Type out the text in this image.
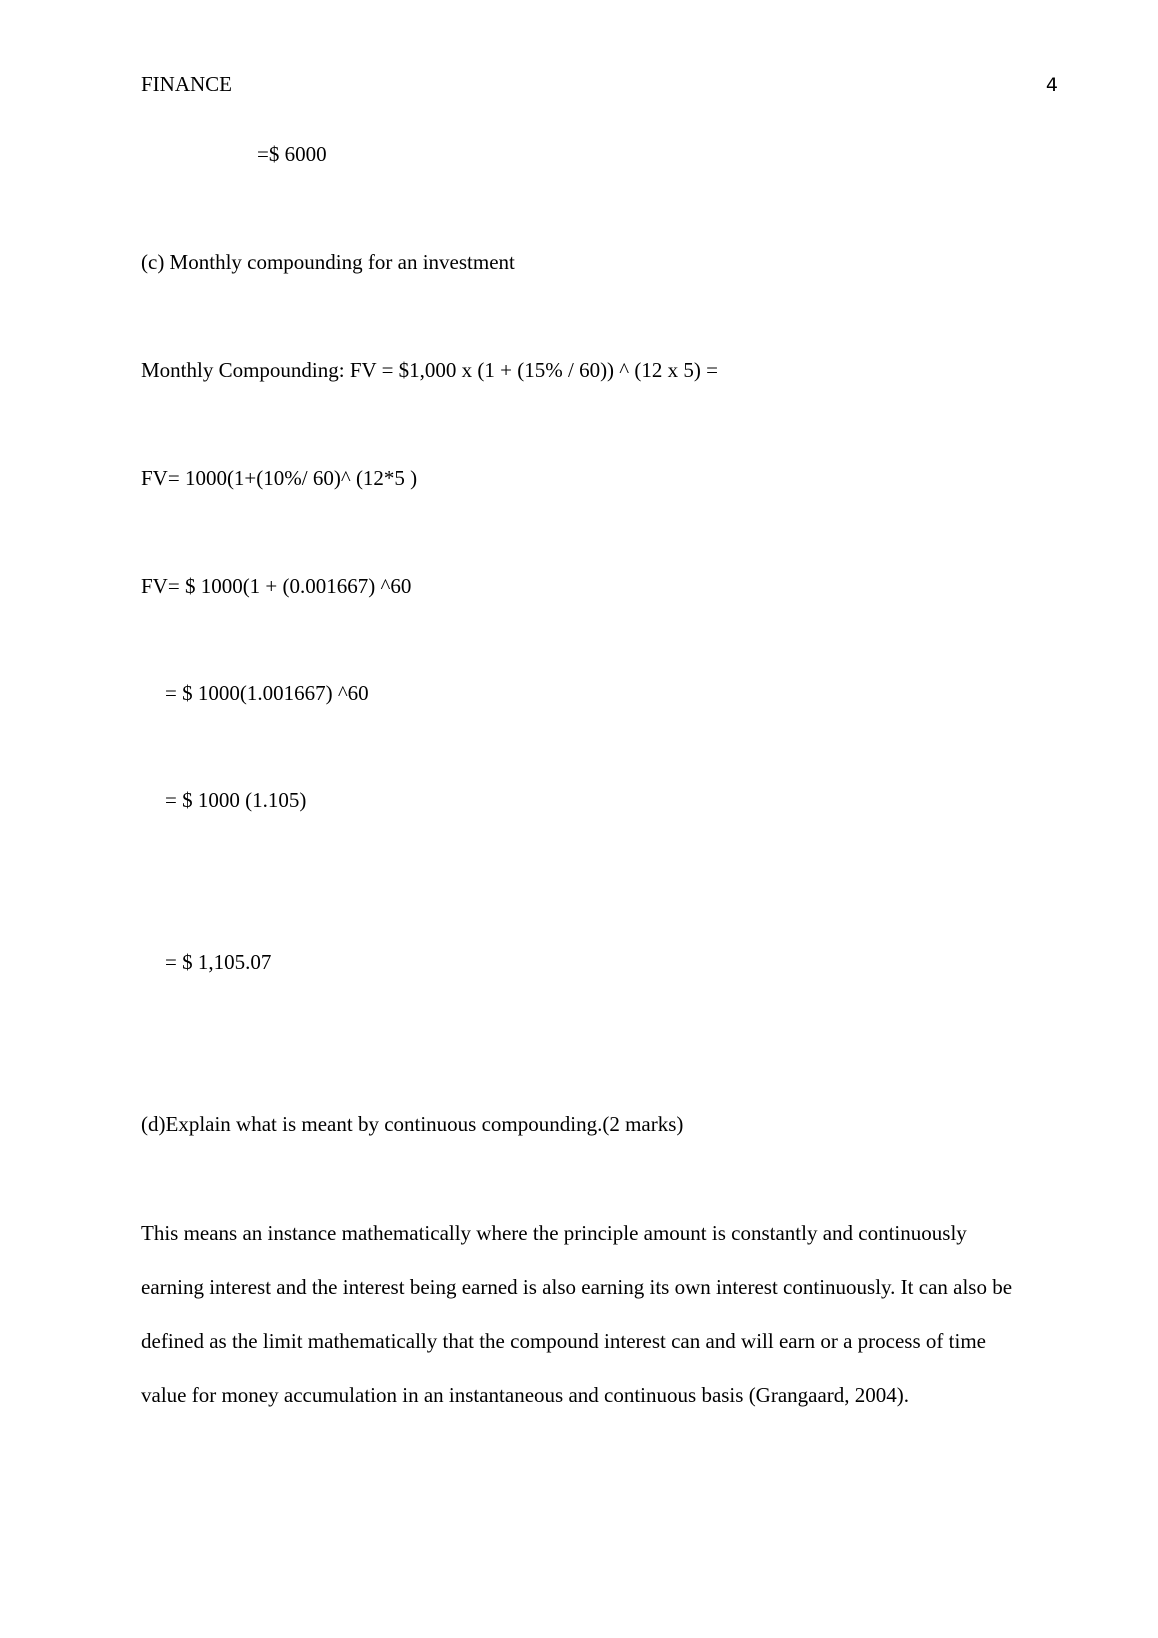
FINANCE	4
=$ 6000
(c) Monthly compounding for an investment
Monthly Compounding: FV = $1,000 x (1 + (15% / 60)) ^ (12 x 5) =
FV= 1000(1+(10%/ 60)^ (12*5 )
FV= $ 1000(1 + (0.001667) ^60
= $ 1000(1.001667) ^60
= $ 1000 (1.105)
= $ 1,105.07
(d)Explain what is meant by continuous compounding.(2 marks)
This means an instance mathematically where the principle amount is constantly and continuously earning interest and the interest being earned is also earning its own interest continuously. It can also be defined as the limit mathematically that the compound interest can and will earn or a process of time value for money accumulation in an instantaneous and continuous basis (Grangaard, 2004).
